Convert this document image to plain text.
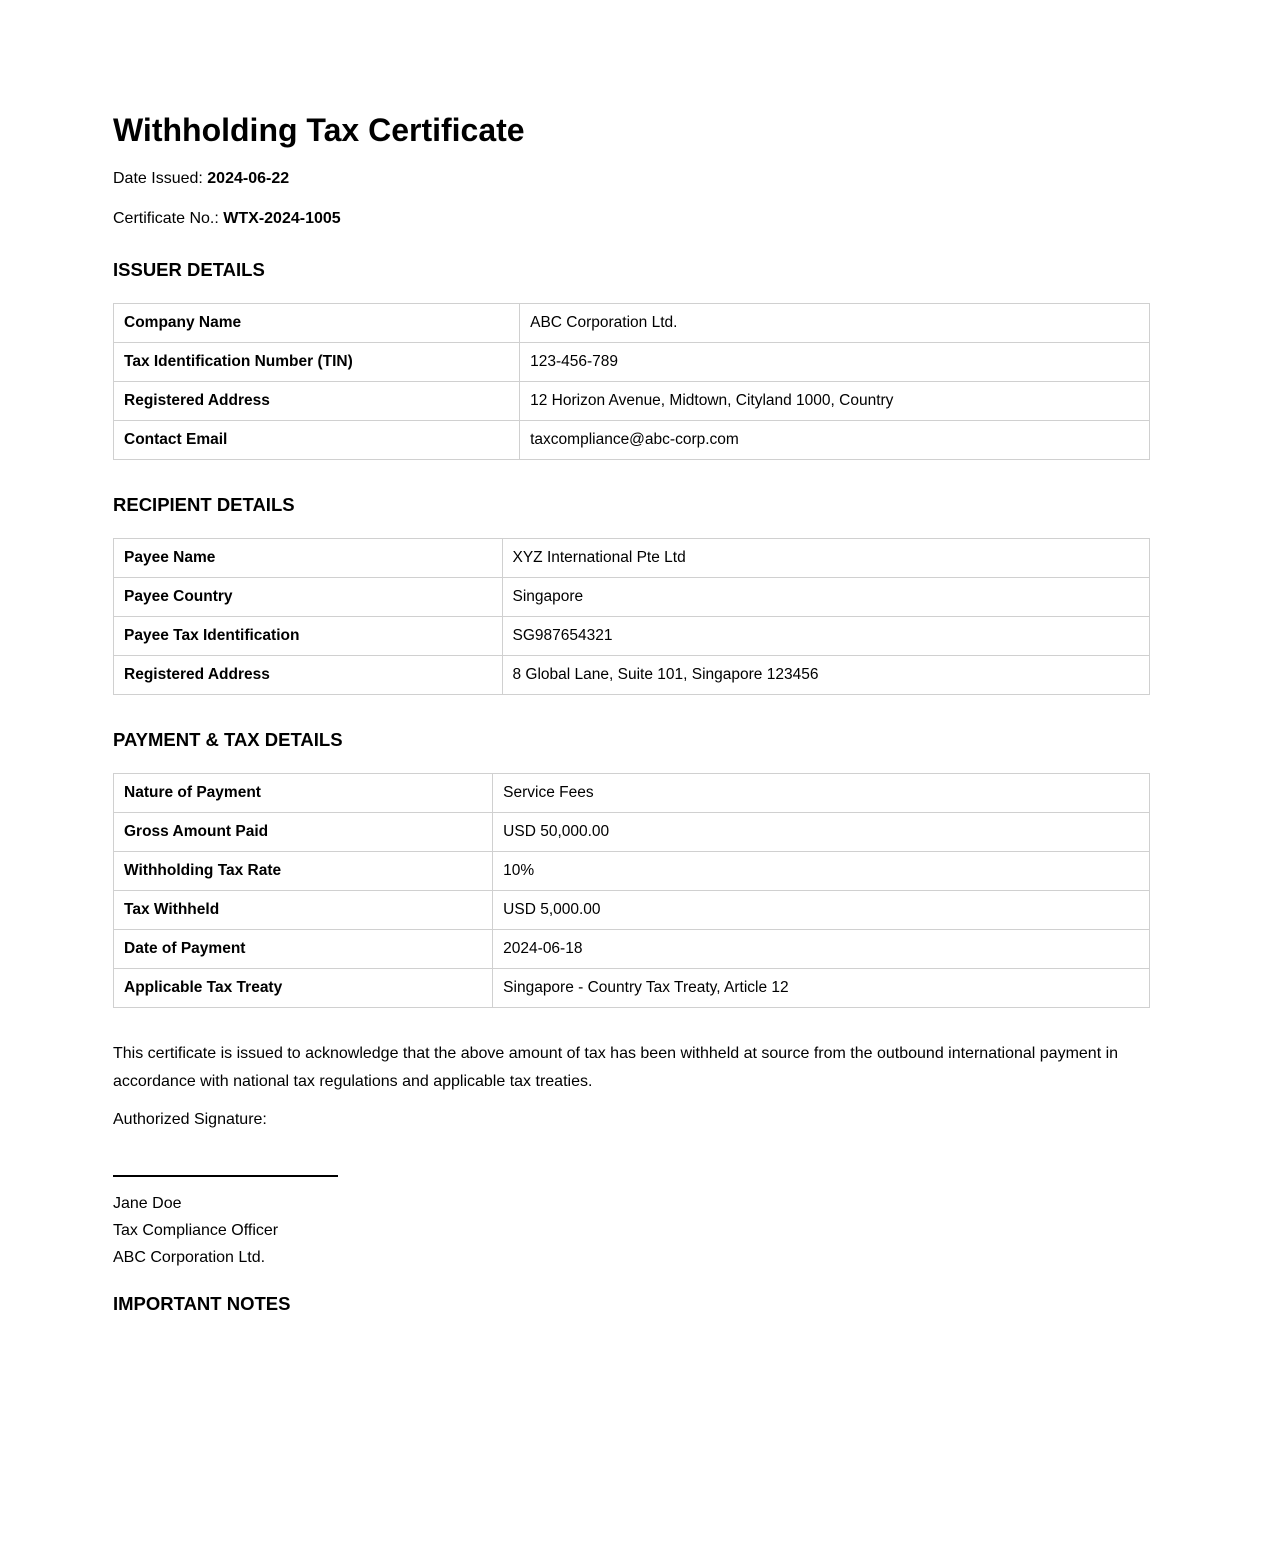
Withholding Tax Certificate

Date Issued: 2024-06-22

Certificate No.: WTX-2024-1005

ISSUER DETAILS
Company Name	ABC Corporation Ltd.
Tax Identification Number (TIN)	123-456-789
Registered Address	12 Horizon Avenue, Midtown, Cityland 1000, Country
Contact Email	taxcompliance@abc-corp.com
RECIPIENT DETAILS
Payee Name	XYZ International Pte Ltd
Payee Country	Singapore
Payee Tax Identification	SG987654321
Registered Address	8 Global Lane, Suite 101, Singapore 123456
PAYMENT & TAX DETAILS
Nature of Payment	Service Fees
Gross Amount Paid	USD 50,000.00
Withholding Tax Rate	10%
Tax Withheld	USD 5,000.00
Date of Payment	2024-06-18
Applicable Tax Treaty	Singapore - Country Tax Treaty, Article 12

This certificate is issued to acknowledge that the above amount of tax has been withheld at source from the outbound international payment in accordance with national tax regulations and applicable tax treaties.

Authorized Signature:

Jane Doe
Tax Compliance Officer
ABC Corporation Ltd.
IMPORTANT NOTES
